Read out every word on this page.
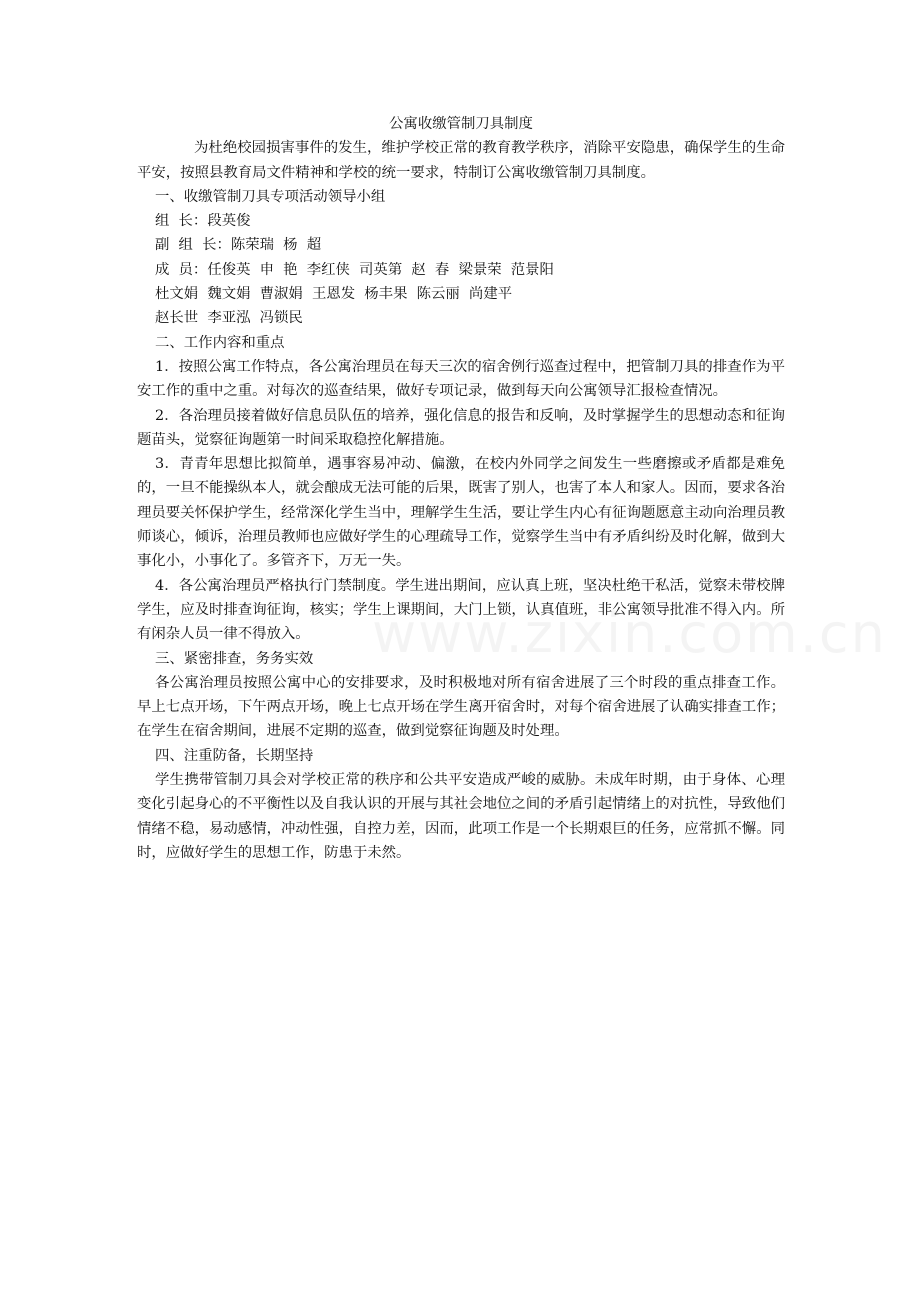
公寓收缴管制刀具制度

为杜绝校园损害事件的发生，维护学校正常的教育教学秩序，消除平安隐患，确保学生的生命平安，按照县教育局文件精神和学校的统一要求，特制订公寓收缴管制刀具制度。

一、收缴管制刀具专项活动领导小组

组  长：段英俊

副  组  长：陈荣瑞  杨  超

成  员：任俊英  申  艳  李红侠  司英第  赵  春  梁景荣  范景阳

杜文娟  魏文娟  曹淑娟  王恩发  杨丰果  陈云丽  尚建平

赵长世  李亚泓  冯锁民

二、工作内容和重点

1．按照公寓工作特点，各公寓治理员在每天三次的宿舍例行巡查过程中，把管制刀具的排查作为平安工作的重中之重。对每次的巡查结果，做好专项记录，做到每天向公寓领导汇报检查情况。

2．各治理员接着做好信息员队伍的培养，强化信息的报告和反响，及时掌握学生的思想动态和征询题苗头，觉察征询题第一时间采取稳控化解措施。

3．青青年思想比拟简单，遇事容易冲动、偏激，在校内外同学之间发生一些磨擦或矛盾都是难免的，一旦不能操纵本人，就会酿成无法可能的后果，既害了别人，也害了本人和家人。因而，要求各治理员要关怀保护学生，经常深化学生当中，理解学生生活，要让学生内心有征询题愿意主动向治理员教师谈心，倾诉，治理员教师也应做好学生的心理疏导工作，觉察学生当中有矛盾纠纷及时化解，做到大事化小，小事化了。多管齐下，万无一失。

4．各公寓治理员严格执行门禁制度。学生进出期间，应认真上班，坚决杜绝干私活，觉察未带校牌学生，应及时排查询征询，核实；学生上课期间，大门上锁，认真值班，非公寓领导批准不得入内。所有闲杂人员一律不得放入。

三、紧密排查，务务实效

各公寓治理员按照公寓中心的安排要求，及时积极地对所有宿舍进展了三个时段的重点排查工作。早上七点开场，下午两点开场，晚上七点开场在学生离开宿舍时，对每个宿舍进展了认确实排查工作；在学生在宿舍期间，进展不定期的巡查，做到觉察征询题及时处理。

四、注重防备，长期坚持

学生携带管制刀具会对学校正常的秩序和公共平安造成严峻的威胁。未成年时期，由于身体、心理变化引起身心的不平衡性以及自我认识的开展与其社会地位之间的矛盾引起情绪上的对抗性，导致他们情绪不稳，易动感情，冲动性强，自控力差，因而，此项工作是一个长期艰巨的任务，应常抓不懈。同时，应做好学生的思想工作，防患于未然。
